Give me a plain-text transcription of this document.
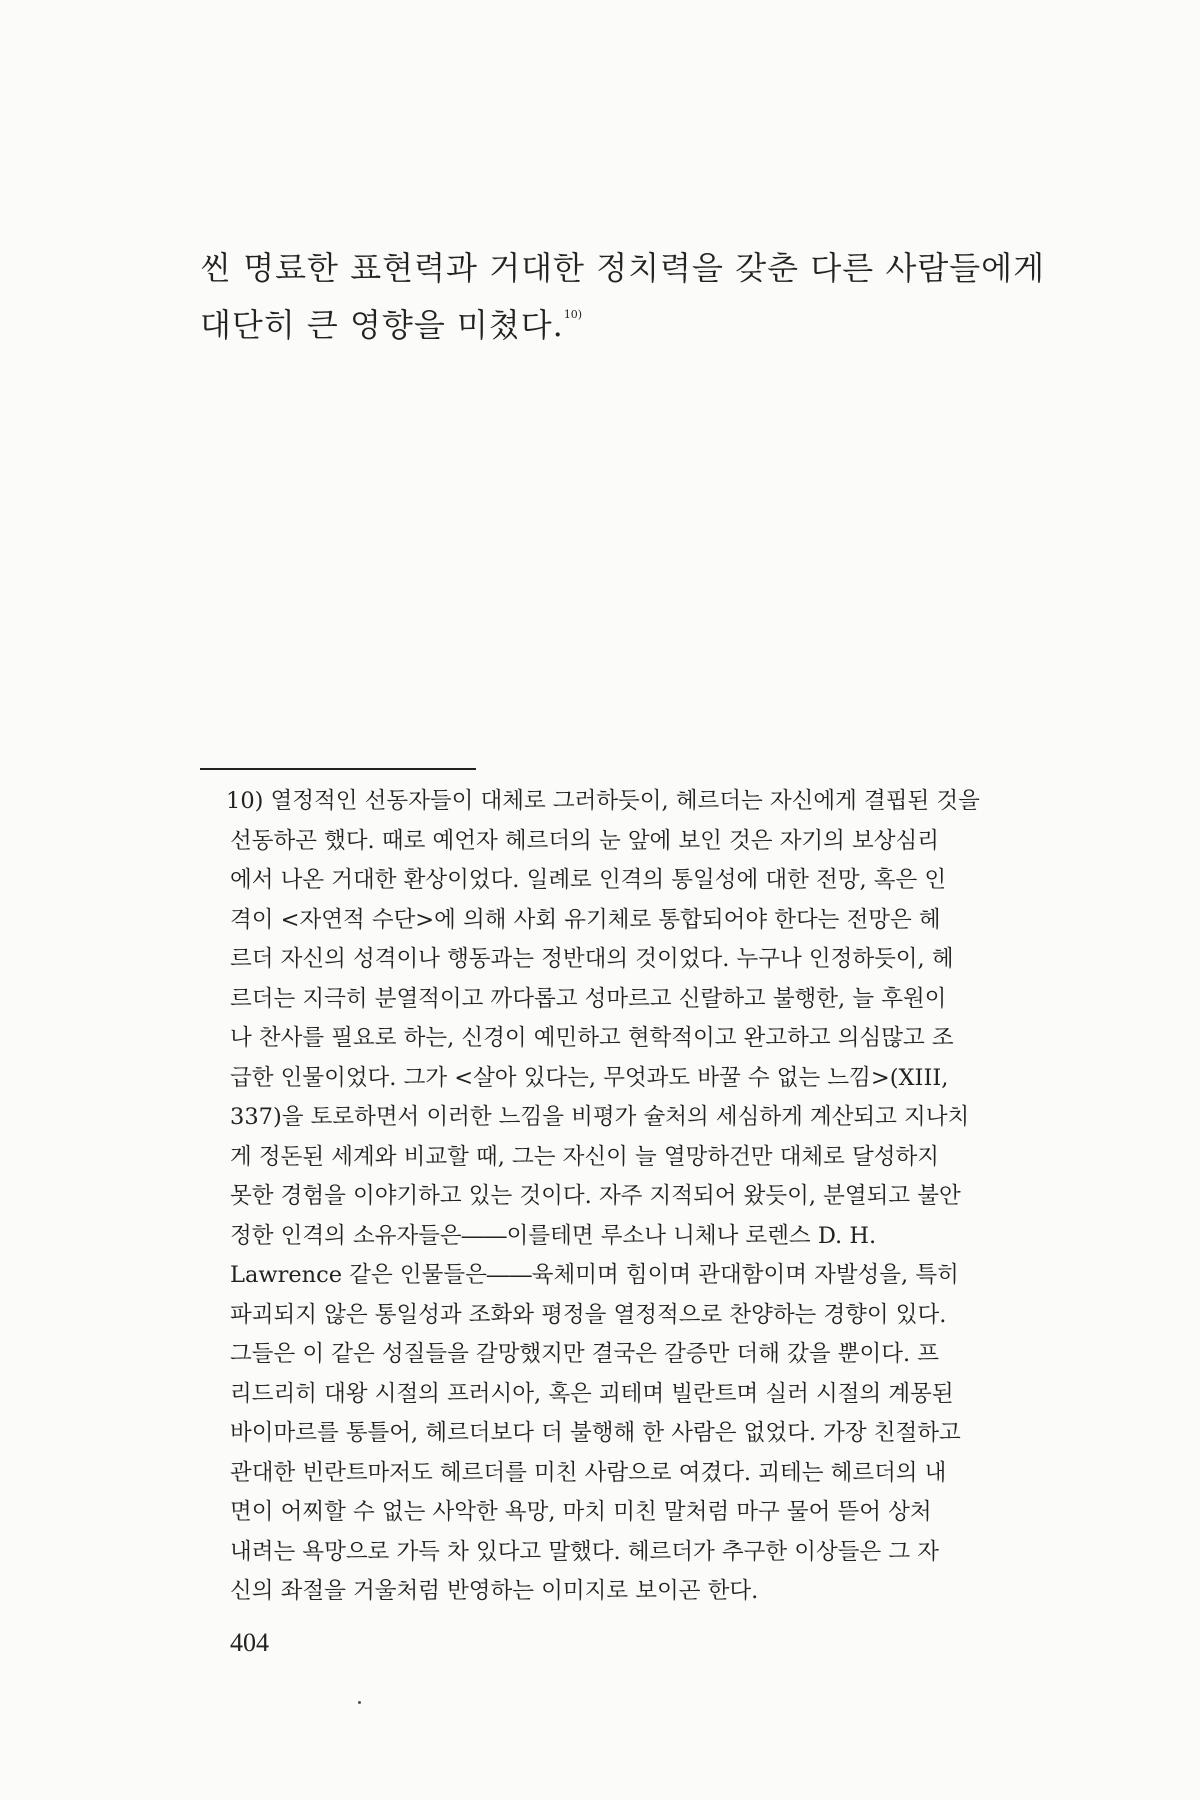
씬 명료한 표현력과 거대한 정치력을 갖춘 다른 사람들에게 대단히 큰 영향을 미쳤다.$^{10)}$

10) 열정적인 선동자들이 대체로 그러하듯이, 헤르더는 자신에게 결핍된 것을
선동하곤 했다. 때로 예언자 헤르더의 눈 앞에 보인 것은 자기의 보상심리
에서 나온 거대한 환상이었다. 일례로 인격의 통일성에 대한 전망, 혹은 인
격이 <자연적 수단>에 의해 사회 유기체로 통합되어야 한다는 전망은 헤
르더 자신의 성격이나 행동과는 정반대의 것이었다. 누구나 인정하듯이, 헤
르더는 지극히 분열적이고 까다롭고 성마르고 신랄하고 불행한, 늘 후원이
나 찬사를 필요로 하는, 신경이 예민하고 현학적이고 완고하고 의심많고 조
급한 인물이었다. 그가 <살아 있다는, 무엇과도 바꿀 수 없는 느낌>(XIII,
337)을 토로하면서 이러한 느낌을 비평가 슐처의 세심하게 계산되고 지나치
게 정돈된 세계와 비교할 때, 그는 자신이 늘 열망하건만 대체로 달성하지
못한 경험을 이야기하고 있는 것이다. 자주 지적되어 왔듯이, 분열되고 불안
정한 인격의 소유자들은――이를테면 루소나 니체나 로렌스 D. H.
Lawrence 같은 인물들은――육체미며 힘이며 관대함이며 자발성을, 특히
파괴되지 않은 통일성과 조화와 평정을 열정적으로 찬양하는 경향이 있다.
그들은 이 같은 성질들을 갈망했지만 결국은 갈증만 더해 갔을 뿐이다. 프
리드리히 대왕 시절의 프러시아, 혹은 괴테며 빌란트며 실러 시절의 계몽된
바이마르를 통틀어, 헤르더보다 더 불행해 한 사람은 없었다. 가장 친절하고
관대한 빈란트마저도 헤르더를 미친 사람으로 여겼다. 괴테는 헤르더의 내
면이 어찌할 수 없는 사악한 욕망, 마치 미친 말처럼 마구 물어 뜯어 상처
내려는 욕망으로 가득 차 있다고 말했다. 헤르더가 추구한 이상들은 그 자
신의 좌절을 거울처럼 반영하는 이미지로 보이곤 한다.
404
